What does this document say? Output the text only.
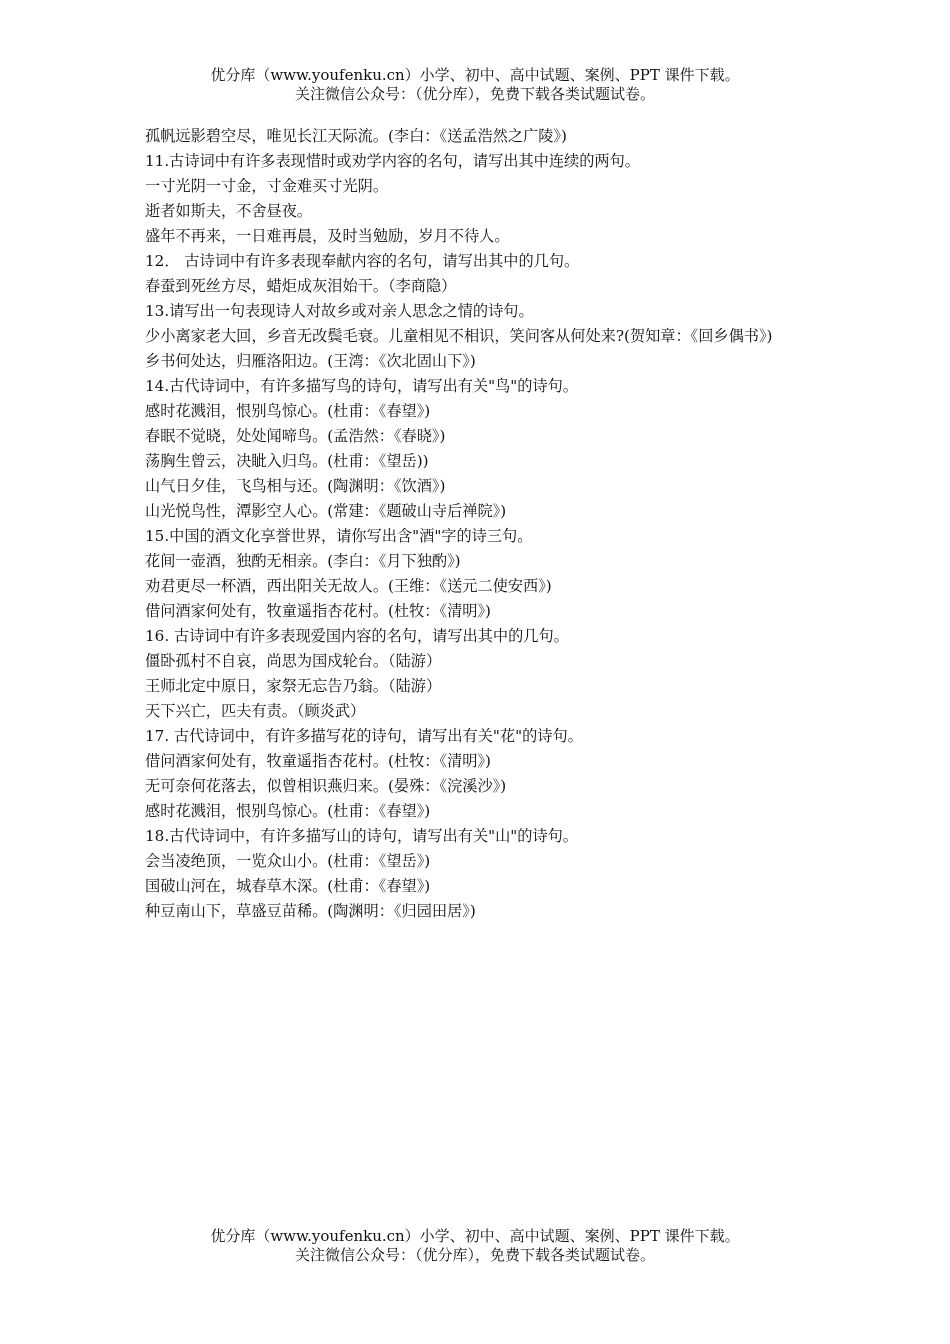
优分库（www.youfenku.cn）小学、初中、高中试题、案例、PPT 课件下载。
关注微信公众号：（优分库），免费下载各类试题试卷。
孤帆远影碧空尽，唯见长江天际流。(李白：《送孟浩然之广陵》)
11.古诗词中有许多表现惜时或劝学内容的名句，请写出其中连续的两句。
一寸光阴一寸金，寸金难买寸光阴。
逝者如斯夫，不舍昼夜。
盛年不再来，一日难再晨，及时当勉励，岁月不待人。
12． 古诗词中有许多表现奉献内容的名句，请写出其中的几句。
春蚕到死丝方尽，蜡炬成灰泪始干。（李商隐）
13.请写出一句表现诗人对故乡或对亲人思念之情的诗句。
少小离家老大回，乡音无改鬓毛衰。儿童相见不相识，笑问客从何处来?(贺知章：《回乡偶书》)
乡书何处达，归雁洛阳边。(王湾：《次北固山下》)
14.古代诗词中，有许多描写鸟的诗句，请写出有关"鸟"的诗句。
感时花溅泪，恨别鸟惊心。(杜甫：《春望》)
春眠不觉晓，处处闻啼鸟。(孟浩然：《春晓》)
荡胸生曾云，决眦入归鸟。(杜甫：《望岳))
山气日夕佳，飞鸟相与还。(陶渊明：《饮酒》)
山光悦鸟性，潭影空人心。(常建：《题破山寺后禅院》)
15.中国的酒文化享誉世界，请你写出含"酒"字的诗三句。
花间一壶酒，独酌无相亲。(李白：《月下独酌》)
劝君更尽一杯酒，西出阳关无故人。(王维：《送元二使安西》)
借问酒家何处有，牧童遥指杏花村。(杜牧：《清明》)
16. 古诗词中有许多表现爱国内容的名句，请写出其中的几句。
僵卧孤村不自哀，尚思为国戍轮台。（陆游）
王师北定中原日，家祭无忘告乃翁。（陆游）
天下兴亡，匹夫有责。（顾炎武）
17. 古代诗词中，有许多描写花的诗句，请写出有关"花"的诗句。
借问酒家何处有，牧童遥指杏花村。(杜牧：《清明》)
无可奈何花落去，似曾相识燕归来。(晏殊：《浣溪沙》)
感时花溅泪，恨别鸟惊心。(杜甫：《春望》)
18.古代诗词中，有许多描写山的诗句，请写出有关"山"的诗句。
会当凌绝顶，一览众山小。(杜甫：《望岳》)
国破山河在，城春草木深。(杜甫：《春望》)
种豆南山下，草盛豆苗稀。(陶渊明：《归园田居》)
优分库（www.youfenku.cn）小学、初中、高中试题、案例、PPT 课件下载。
关注微信公众号：（优分库），免费下载各类试题试卷。
